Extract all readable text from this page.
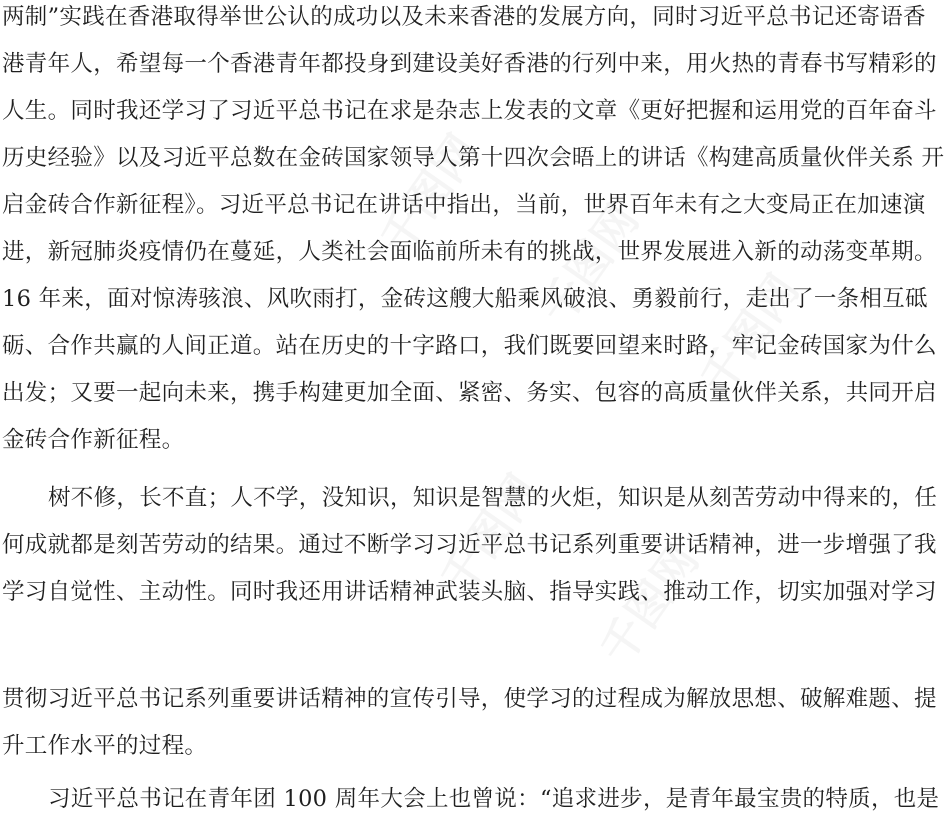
千图网
千图网
千图网
千图网
千图网
两制”实践在香港取得举世公认的成功以及未来香港的发展方向，同时习近平总书记还寄语香
港青年人，希望每一个香港青年都投身到建设美好香港的行列中来，用火热的青春书写精彩的
人生。同时我还学习了习近平总书记在求是杂志上发表的文章《更好把握和运用党的百年奋斗
历史经验》以及习近平总数在金砖国家领导人第十四次会晤上的讲话《构建高质量伙伴关系 开
启金砖合作新征程》。习近平总书记在讲话中指出，当前，世界百年未有之大变局正在加速演
进，新冠肺炎疫情仍在蔓延，人类社会面临前所未有的挑战，世界发展进入新的动荡变革期。
16 年来，面对惊涛骇浪、风吹雨打，金砖这艘大船乘风破浪、勇毅前行，走出了一条相互砥
砺、合作共赢的人间正道。站在历史的十字路口，我们既要回望来时路，牢记金砖国家为什么
出发；又要一起向未来，携手构建更加全面、紧密、务实、包容的高质量伙伴关系，共同开启
金砖合作新征程。
树不修，长不直；人不学，没知识，知识是智慧的火炬，知识是从刻苦劳动中得来的，任
何成就都是刻苦劳动的结果。通过不断学习习近平总书记系列重要讲话精神，进一步增强了我
学习自觉性、主动性。同时我还用讲话精神武装头脑、指导实践、推动工作，切实加强对学习
贯彻习近平总书记系列重要讲话精神的宣传引导，使学习的过程成为解放思想、破解难题、提
升工作水平的过程。
习近平总书记在青年团 100 周年大会上也曾说：“追求进步，是青年最宝贵的特质，也是
